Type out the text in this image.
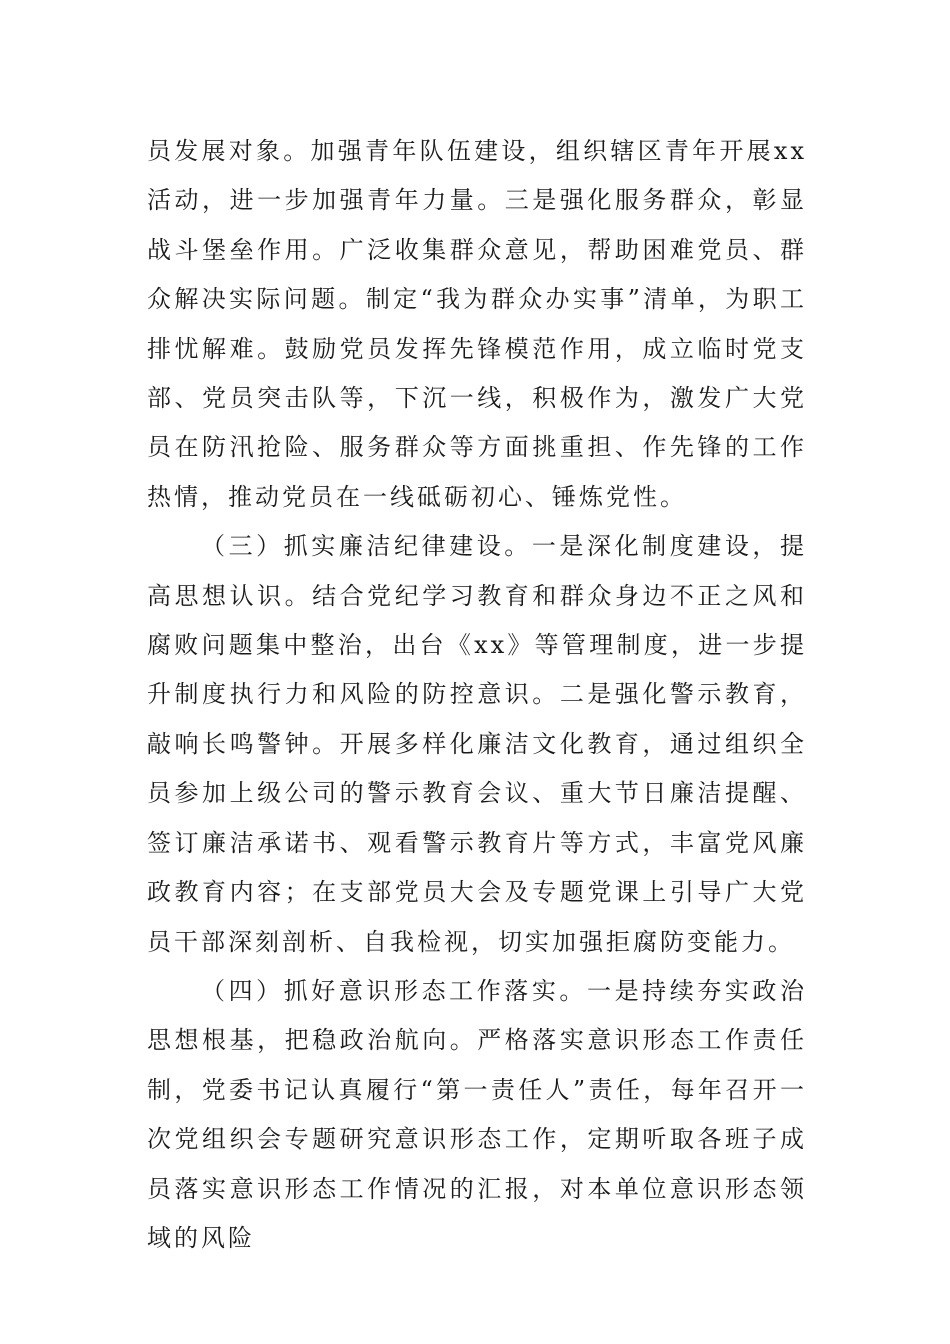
员发展对象。加强青年队伍建设，组织辖区青年开展xx活动，进一步加强青年力量。三是强化服务群众，彰显战斗堡垒作用。广泛收集群众意见，帮助困难党员、群众解决实际问题。制定“我为群众办实事”清单，为职工排忧解难。鼓励党员发挥先锋模范作用，成立临时党支部、党员突击队等，下沉一线，积极作为，激发广大党员在防汛抢险、服务群众等方面挑重担、作先锋的工作热情，推动党员在一线砥砺初心、锤炼党性。

（三）抓实廉洁纪律建设。一是深化制度建设，提高思想认识。结合党纪学习教育和群众身边不正之风和腐败问题集中整治，出台《xx》等管理制度，进一步提升制度执行力和风险的防控意识。二是强化警示教育，敲响长鸣警钟。开展多样化廉洁文化教育，通过组织全员参加上级公司的警示教育会议、重大节日廉洁提醒、签订廉洁承诺书、观看警示教育片等方式，丰富党风廉政教育内容；在支部党员大会及专题党课上引导广大党员干部深刻剖析、自我检视，切实加强拒腐防变能力。

（四）抓好意识形态工作落实。一是持续夯实政治思想根基，把稳政治航向。严格落实意识形态工作责任制，党委书记认真履行“第一责任人”责任，每年召开一次党组织会专题研究意识形态工作，定期听取各班子成员落实意识形态工作情况的汇报，对本单位意识形态领域的风险
